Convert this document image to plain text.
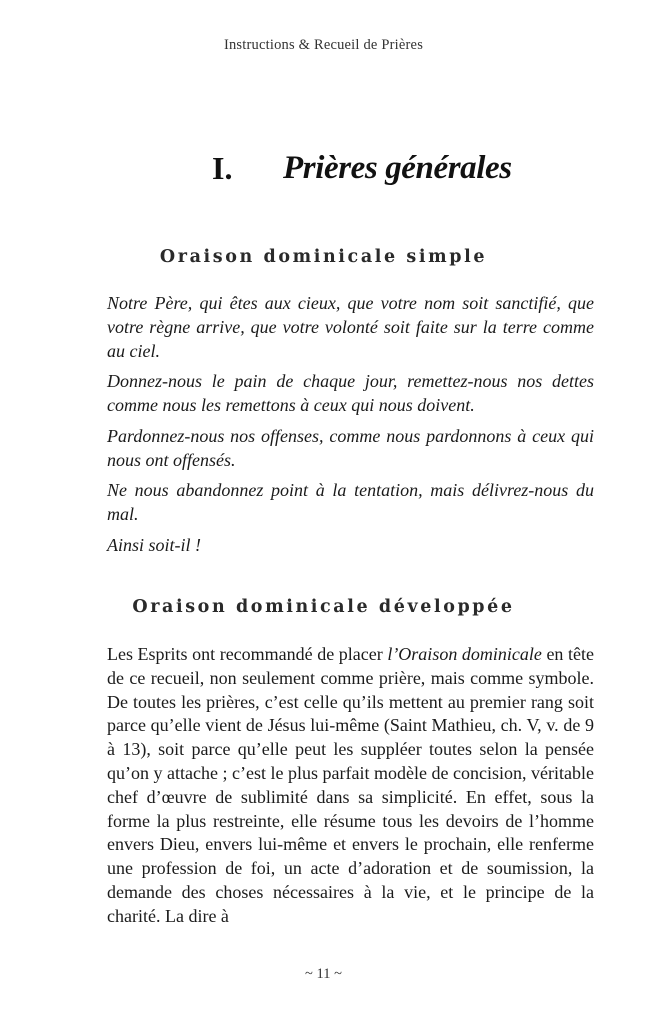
Instructions & Recueil de Prières
I. Prières générales
Oraison dominicale simple

Notre Père, qui êtes aux cieux, que votre nom soit sanctifié, que votre règne arrive, que votre volonté soit faite sur la terre comme au ciel.

Donnez-nous le pain de chaque jour, remettez-nous nos dettes comme nous les remettons à ceux qui nous doivent.

Pardonnez-nous nos offenses, comme nous pardonnons à ceux qui nous ont offensés.

Ne nous abandonnez point à la tentation, mais délivrez-nous du mal.

Ainsi soit-il !

Oraison dominicale développée

Les Esprits ont recommandé de placer l’Oraison dominicale en tête de ce recueil, non seulement comme prière, mais comme symbole. De toutes les prières, c’est celle qu’ils mettent au premier rang soit parce qu’elle vient de Jésus lui-même (Saint Mathieu, ch. V, v. de 9 à 13), soit parce qu’elle peut les suppléer toutes selon la pensée qu’on y attache ; c’est le plus parfait modèle de concision, véritable chef d’œuvre de sublimité dans sa simplicité. En effet, sous la forme la plus restreinte, elle résume tous les devoirs de l’homme envers Dieu, envers lui-même et envers le prochain, elle renferme une profession de foi, un acte d’adoration et de soumission, la demande des choses nécessaires à la vie, et le principe de la charité. La dire à

~ 11 ~
